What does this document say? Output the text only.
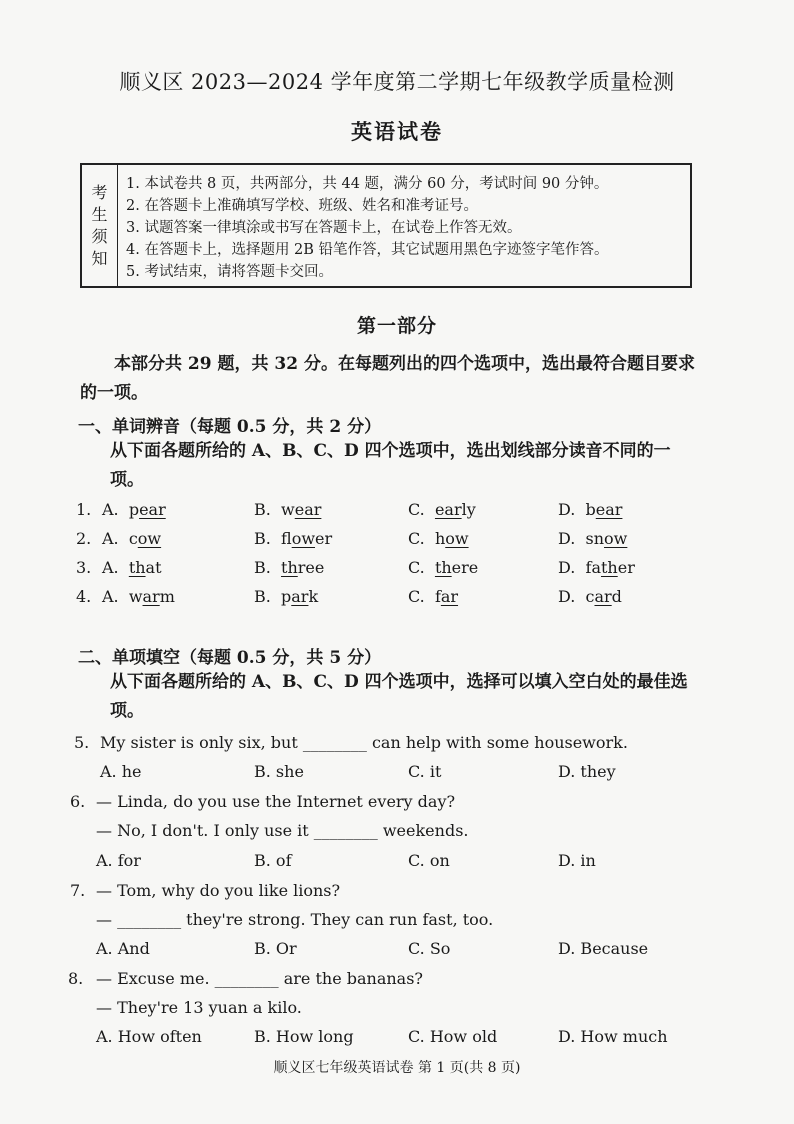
顺义区 2023—2024 学年度第二学期七年级教学质量检测
英语试卷
考
生
须
知
1. 本试卷共 8 页，共两部分，共 44 题，满分 60 分，考试时间 90 分钟。
2. 在答题卡上准确填写学校、班级、姓名和准考证号。
3. 试题答案一律填涂或书写在答题卡上，在试卷上作答无效。
4. 在答题卡上，选择题用 2B 铅笔作答，其它试题用黑色字迹签字笔作答。
5. 考试结束，请将答题卡交回。
第一部分
本部分共 29 题，共 32 分。在每题列出的四个选项中，选出最符合题目要求的一项。
一、单词辨音（每题 0.5 分，共 2 分）
从下面各题所给的 A、B、C、D 四个选项中，选出划线部分读音不同的一项。
1. A. pear	B. wear	C. early	D. bear
2. A. cow	B. flower	C. how	D. snow
3. A. that	B. three	C. there	D. father
4. A. warm	B. park	C. far	D. card
二、单项填空（每题 0.5 分，共 5 分）
从下面各题所给的 A、B、C、D 四个选项中，选择可以填入空白处的最佳选项。
5. My sister is only six, but ________ can help with some housework.
A. he	B. she	C. it	D. they
6. — Linda, do you use the Internet every day?
— No, I don't. I only use it ________ weekends.
A. for	B. of	C. on	D. in
7. — Tom, why do you like lions?
— ________ they're strong. They can run fast, too.
A. And	B. Or	C. So	D. Because
8. — Excuse me. ________ are the bananas?
— They're 13 yuan a kilo.
A. How often	B. How long	C. How old	D. How much
顺义区七年级英语试卷 第 1 页(共 8 页)
